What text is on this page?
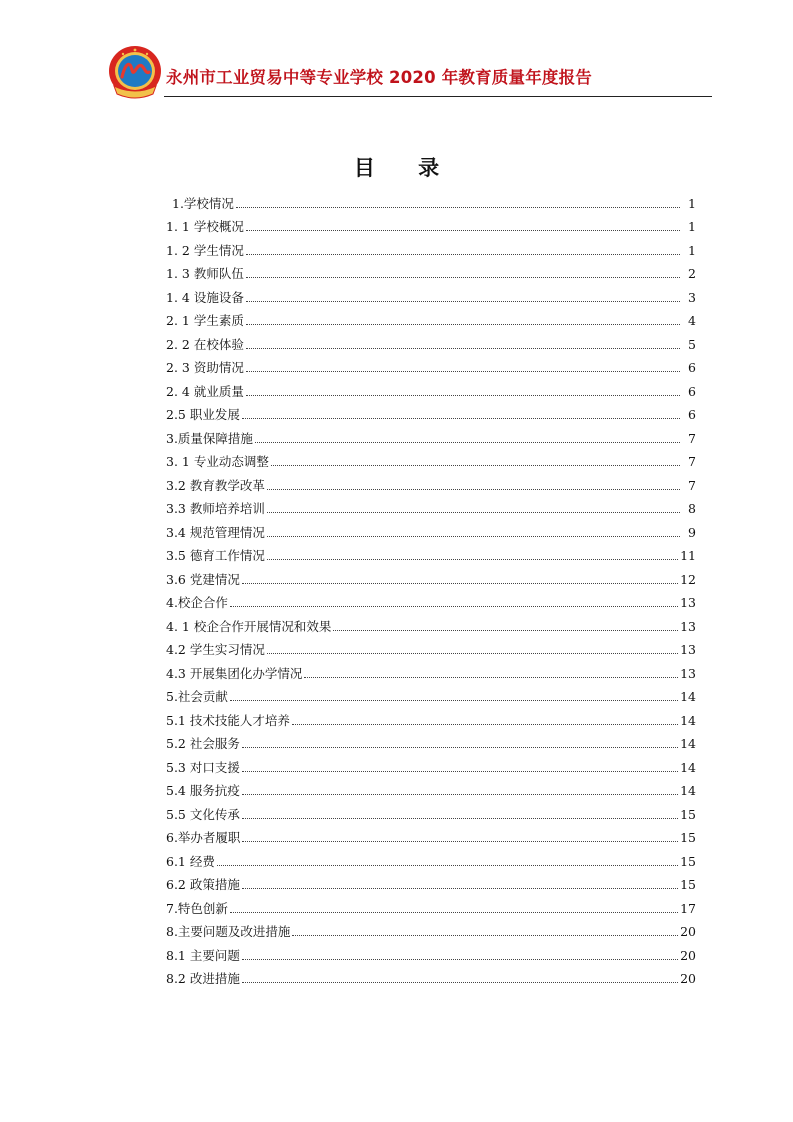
永州市工业贸易中等专业学校 2020 年教育质量年度报告
目 录
1.学校情况	1
1. 1 学校概况	1
1. 2 学生情况	1
1. 3 教师队伍	2
1. 4 设施设备	3
2. 1 学生素质	4
2. 2 在校体验	5
2. 3 资助情况	6
2. 4 就业质量	6
2.5 职业发展	6
3.质量保障措施	7
3. 1 专业动态调整	7
3.2 教育教学改革	7
3.3 教师培养培训	8
3.4 规范管理情况	9
3.5 德育工作情况	11
3.6 党建情况	12
4.校企合作	13
4. 1 校企合作开展情况和效果	13
4.2 学生实习情况	13
4.3 开展集团化办学情况	13
5.社会贡献	14
5.1 技术技能人才培养	14
5.2 社会服务	14
5.3 对口支援	14
5.4 服务抗疫	14
5.5 文化传承	15
6.举办者履职	15
6.1 经费	15
6.2 政策措施	15
7.特色创新	17
8.主要问题及改进措施	20
8.1 主要问题	20
8.2 改进措施	20
